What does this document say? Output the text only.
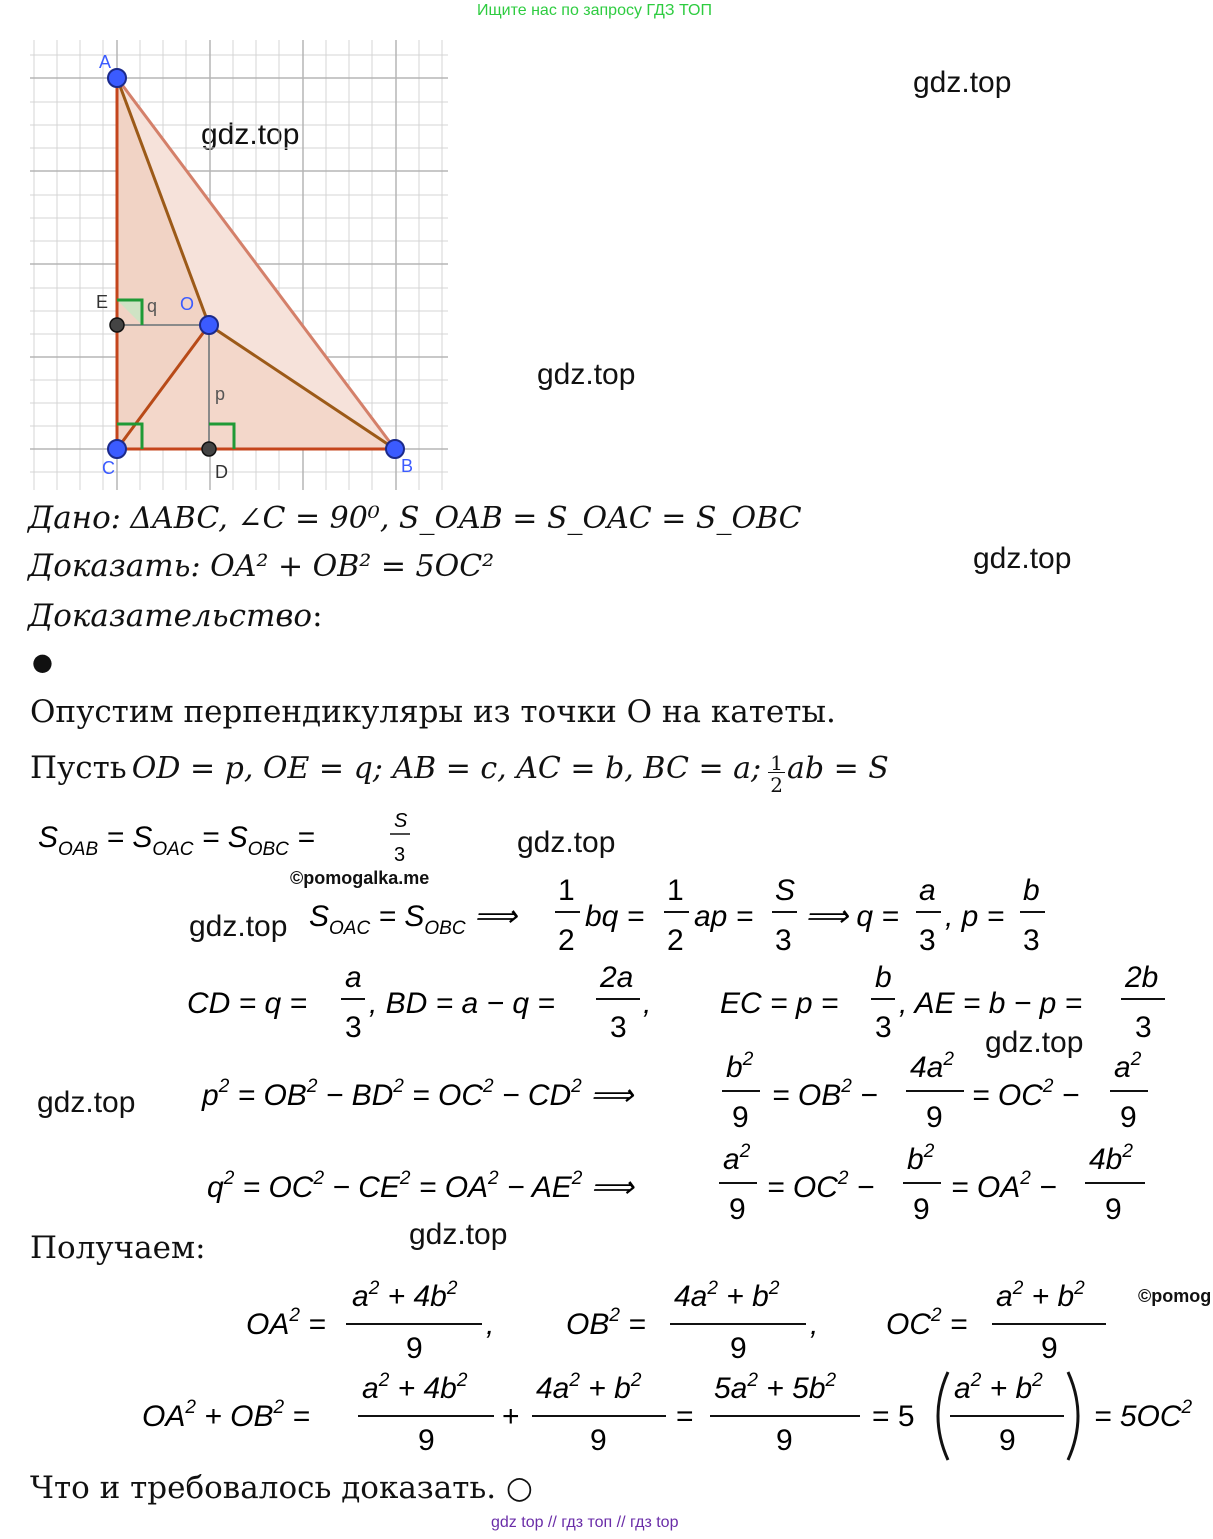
Ищите нас по запросу ГДЗ ТОП
gdz.top
gdz.top
gdz.top
gdz.top
gdz.top
gdz.top
gdz.top
gdz.top
gdz.top
©pomogalka.me
©pomog
A
E q O
p
C	D	B
Дано: ΔABC, ∠C = 90⁰, S_OAB = S_OAC = S_OBC
Доказать: OA² + OB² = 5OC²
Доказательство:
●
Опустим перпендикуляры из точки O на катеты.
Пусть OD = p, OE = q; AB = c, AC = b, BC = a; 1
2 ab = S
$S_{OAB} = S_{OAC} = S_{OBC}$ =	S
3
$S_{OAC} = S_{OBC}$ ⟹
1
2
bq =
1
2
ap =
S
3
⟹ q =
a
3
, p =
b
3
CD = q =
a
3
, BD = a − q =
2a
3
, EC = p =
b
3
, AE = b − p =
2b
3
$p^2 = OB^2 - BD^2 = OC^2 - CD^2$ ⟹
$b^2$
9
= $OB^2$ −
$4a^2$
9
= $OC^2$ −
$a^2$
9
$q^2 = OC^2 - CE^2 = OA^2 - AE^2$ ⟹
$a^2$
9
= $OC^2$ −
$b^2$
9
= $OA^2$ −
$4b^2$
9
Получаем:
$OA^2$ =
$a^2 + 4b^2$
9
, $OB^2$ =
$4a^2 + b^2$
9
, $OC^2$ =
$a^2 + b^2$
9
$OA^2 + OB^2$ =
$a^2 + 4b^2$
9
+
$4a^2 + b^2$
9
=
$5a^2 + 5b^2$
9
= 5
$a^2 + b^2$
9
= $5OC^2$
Что и требовалось доказать. ○
gdz top // гдз топ // гдз top
